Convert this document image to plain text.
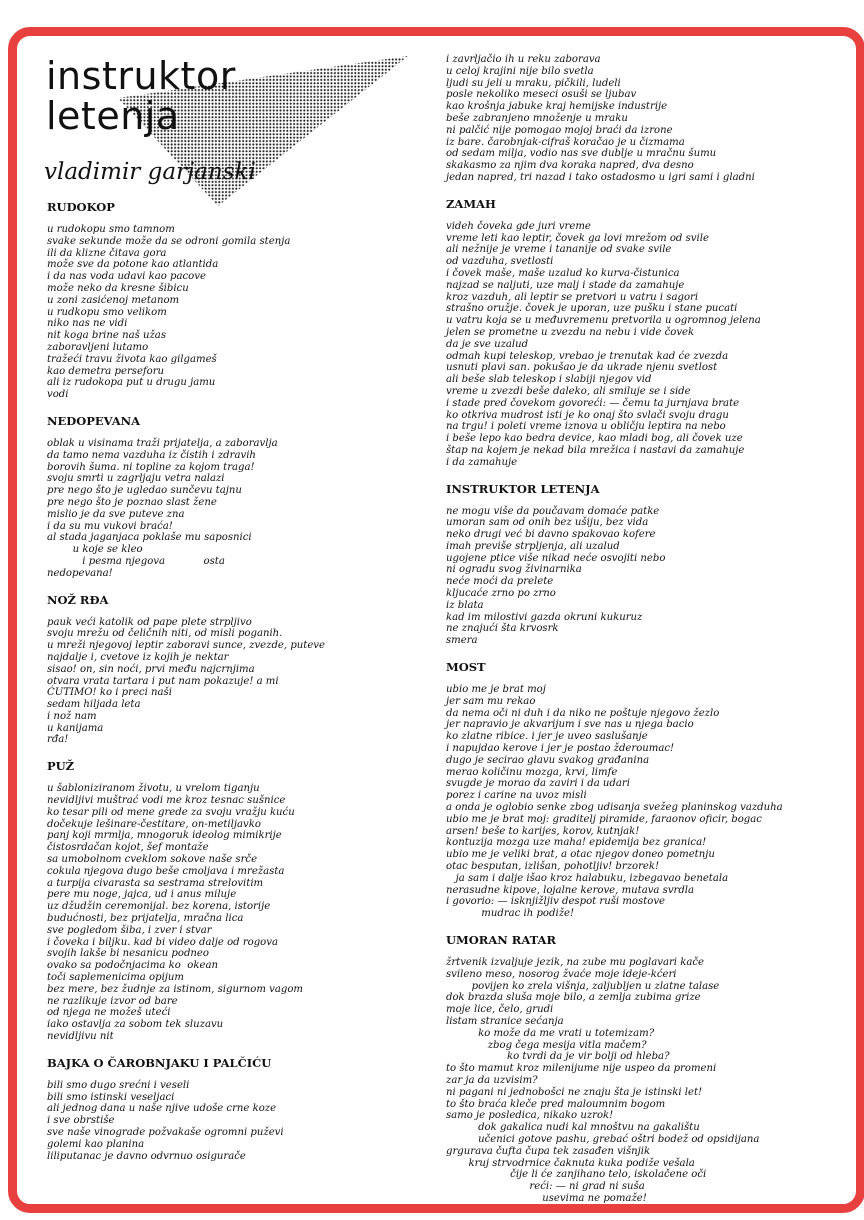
instruktor
letenja
vladimir garjanski
RUDOKOP
u rudokopu smo tamnom
svake sekunde može da se odroni gomila stenja
ili da klizne čitava gora
može sve da potone kao atlantida
i da nas voda udavi kao pacove
može neko da kresne šibicu
u zoni zasićenoj metanom
u rudkopu smo velikom
niko nas ne vidi
nit koga brine naš užas
zaboravljeni lutamo
tražeći travu života kao gilgameš
kao demetra perseforu
ali iz rudokopa put u drugu jamu
vodi
NEDOPEVANA
oblak u visinama traži prijatelja, a zaboravlja
da tamo nema vazduha iz čistih i zdravih
borovih šuma. ni topline za kojom traga!
svoju smrti u zagrljaju vetra nalazi
pre nego što je ugledao sunčevu tajnu
pre nego što je poznao slast žene
mislio je da sve puteve zna
i da su mu vukovi braća!
al stada jaganjaca poklaše mu saposnici
u koje se kleo
i pesma njegova            osta
nedopevana!
NOŽ RĐA
pauk veći katolik od pape plete strpljivo
svoju mrežu od čeličnih niti, od misli poganih.
u mreži njegovoj leptir zaboravi sunce, zvezde, puteve
najdalje i, cvetove iz kojih je nektar
sisao! on, sin noći, prvi među najcrnjima
otvara vrata tartara i put nam pokazuje! a mi
ĆUTIMO! ko i preci naši
sedam hiljada leta
i nož nam
u kanijama
rđa!
PUŽ
u šabloniziranom životu, u vrelom tiganju
nevidljivi muštrać vodi me kroz tesnac sušnice
ko tesar pili od mene grede za svoju vražju kuću
dočekuje lešinare-čestitare, on-metiljavko
panj koji mrmlja, mnogoruk ideolog mimikrije
čistosrdačan kojot, šef montaže
sa umobolnom cveklom sokove naše srče
cokula njegova dugo beše cmoljava i mrežasta
a turpija civarasta sa sestrama strelovitim
pere mu noge, jajca, ud i anus miluje
uz džudžin ceremonijal. bez korena, istorije
budućnosti, bez prijatelja, mračna lica
sve pogledom šiba, i zver i stvar
i čoveka i biljku. kad bi video dalje od rogova
svojih lakše bi nesanicu podneo
ovako sa podočnjacima ko  okean
toči saplemenicima opijum
bez mere, bez žudnje za istinom, sigurnom vagom
ne razlikuje izvor od bare
od njega ne možeš uteći
iako ostavlja za sobom tek sluzavu
nevidljivu nit
BAJKA O ČAROBNJAKU I PALČIĆU
bili smo dugo srećni i veseli
bili smo istinski veseljaci
ali jednog dana u naše njive udoše crne koze
i sve obrstiše
sve naše vinograde požvakaše ogromni puževi
golemi kao planina
liliputanac je davno odvrnuo osigurače
i zavrljačio ih u reku zaborava
u celoj krajini nije bilo svetla
ljudi su jeli u mraku, pičkili, ludeli
posle nekoliko meseci osuši se ljubav
kao krošnja jabuke kraj hemijske industrije
beše zabranjeno množenje u mraku
ni palčić nije pomogao mojoj braći da izrone
iz bare. čarobnjak-cifraš koračao je u čizmama
od sedam milja, vodio nas sve dublje u mračnu šumu
skakasmo za njim dva koraka napred, dva desno
jedan napred, tri nazad i tako ostadosmo u igri sami i gladni
ZAMAH
videh čoveka gde juri vreme
vreme leti kao leptir, čovek ga lovi mrežom od svile
ali nežnije je vreme i tananije od svake svile
od vazduha, svetlosti
i čovek maše, maše uzalud ko kurva-čistunica
najzad se naljuti, uze malj i stade da zamahuje
kroz vazduh, ali leptir se pretvori u vatru i sagori
strašno oružje. čovek je uporan, uze pušku i stane pucati
u vatru koja se u međuvremenu pretvorila u ogromnog jelena
jelen se prometne u zvezdu na nebu i vide čovek
da je sve uzalud
odmah kupi teleskop, vrebao je trenutak kad će zvezda
usnuti plavi san. pokušao je da ukrade njenu svetlost
ali beše slab teleskop i slabiji njegov vid
vreme u zvezdi beše daleko, ali smiluje se i side
i stade pred čovekom govoreći: — čemu ta jurnjava brate
ko otkriva mudrost isti je ko onaj što svlači svoju dragu
na trgu! i poleti vreme iznova u obličju leptira na nebo
i beše lepo kao bedra device, kao mladi bog, ali čovek uze
štap na kojem je nekad bila mrežica i nastavi da zamahuje
i da zamahuje
INSTRUKTOR LETENJA
ne mogu više da poučavam domaće patke
umoran sam od onih bez ušiju, bez vida
neko drugi već bi davno spakovao kofere
imah previše strpljenja, ali uzalud
ugojene ptice više nikad neće osvojiti nebo
ni ogradu svog živinarnika
neće moći da prelete
kljucaće zrno po zrno
iz blata
kad im milostivi gazda okruni kukuruz
ne znajući šta krvosrk
smera
MOST
ubio me je brat moj
jer sam mu rekao
da nema oči ni duh i da niko ne poštuje njegovo žezlo
jer napravio je akvarijum i sve nas u njega bacio
ko zlatne ribice. i jer je uveo saslušanje
i napujdao kerove i jer je postao žderoumac!
dugo je secirao glavu svakog građanina
merao količinu mozga, krvi, limfe
svugde je morao da zaviri i da udari
porez i carine na uvoz misli
a onda je oglobio senke zbog udisanja svežeg planinskog vazduha
ubio me je brat moj: graditelj piramide, faraonov oficir, bogac
arsen! beše to karijes, korov, kutnjak!
kontuzija mozga uze maha! epidemija bez granica!
ubio me je veliki brat, a otac njegov doneo pometnju
otac besputan, izlišan, pohotljiv! brzorek!
ja sam i dalje išao kroz halabuku, izbegavao benetala
nerasudne kipove, lojalne kerove, mutava svrdla
i govorio: — isknjižljiv despot ruši mostove
mudrac ih podiže!
UMORAN RATAR
žrtvenik izvaljuje jezik, na zube mu poglavari kače
svileno meso, nosorog žvaće moje ideje-kćeri
povijen ko zrela višnja, zaljubljen u zlatne talase
dok brazda sluša moje bilo, a zemlja zubima grize
moje lice, čelo, grudi
listam stranice sećanja
ko može da me vrati u totemizam?
zbog čega mesija vitla mačem?
ko tvrdi da je vir bolji od hleba?
to što mamut kroz milenijume nije uspeo da promeni
zar ja da uzvisim?
ni pagani ni jednobošci ne znaju šta je istinski let!
to što braća kleče pred maloumnim bogom
samo je posledica, nikako uzrok!
dok gakalica nudi kal mnoštvu na gakalištu
učenici gotove pashu, grebać oštri bodež od opsidijana
grgurava čufta čupa tek zasađen višnjik
kruj strvodrnice čaknuta kuka podiže vešala
čije li će zanjihano telo, iskolačene oči
reći: — ni grad ni suša
usevima ne pomaže!
